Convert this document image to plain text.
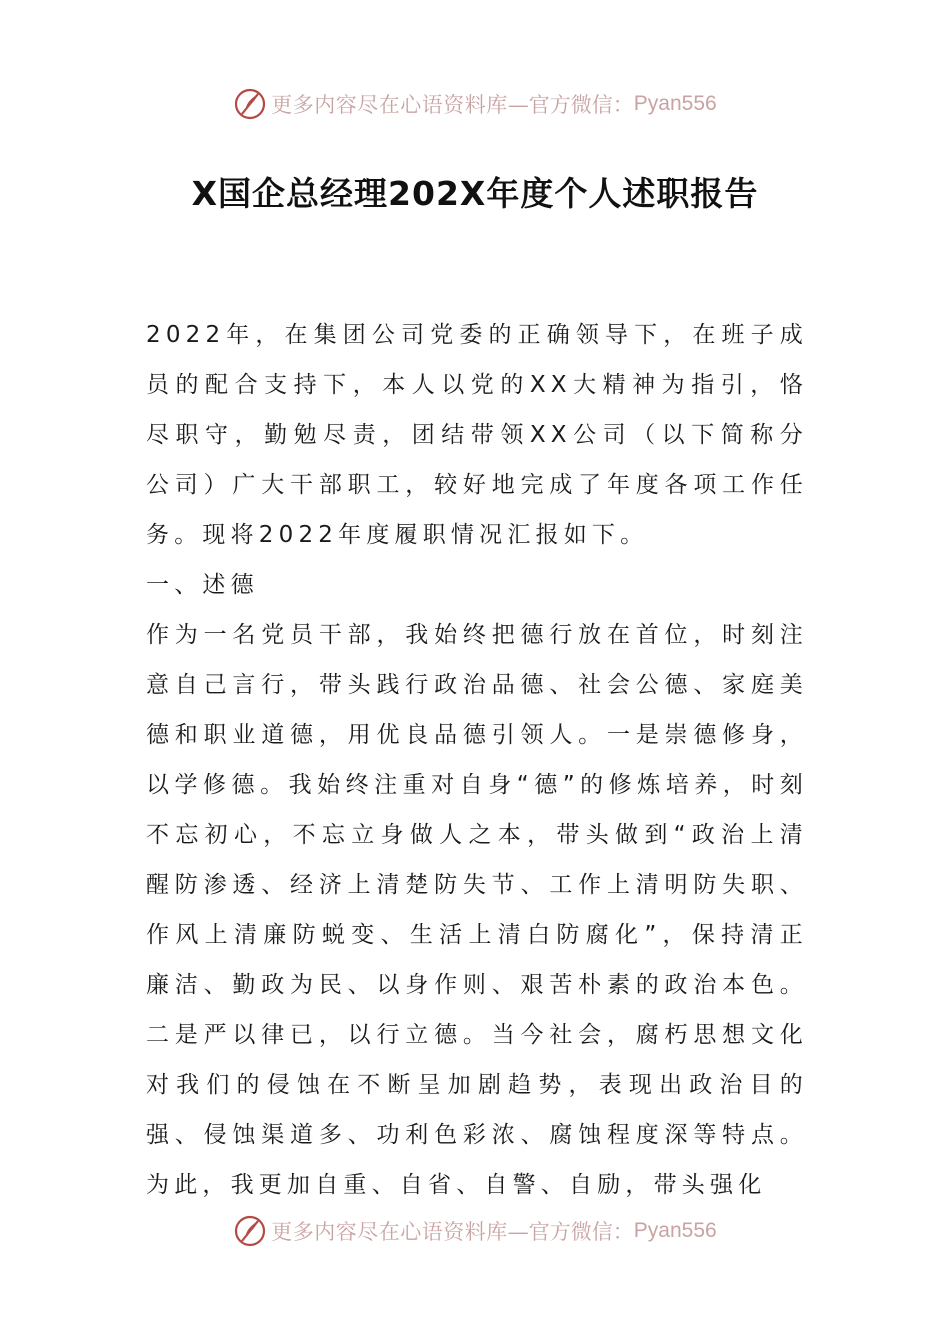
更多内容尽在心语资料库 —官方微信： Pyan556
X国企总经理202X年度个人述职报告

2022年，在集团公司党委的正确领导下，在班子成员的配合支持下，本人以党的XX大精神为指引，恪尽职守，勤勉尽责，团结带领XX公司（以下简称分公司）广大干部职工，较好地完成了年度各项工作任务。现将2022年度履职情况汇报如下。

一、述德

作为一名党员干部，我始终把德行放在首位，时刻注意自己言行，带头践行政治品德、社会公德、家庭美德和职业道德，用优良品德引领人。一是崇德修身，以学修德。我始终注重对自身“德”的修炼培养，时刻不忘初心，不忘立身做人之本，带头做到“政治上清醒防渗透、经济上清楚防失节、工作上清明防失职、作风上清廉防蜕变、生活上清白防腐化”，保持清正廉洁、勤政为民、以身作则、艰苦朴素的政治本色。二是严以律已，以行立德。当今社会，腐朽思想文化对我们的侵蚀在不断呈加剧趋势，表现出政治目的强、侵蚀渠道多、功利色彩浓、腐蚀程度深等特点。为此，我更加自重、自省、自警、自励，带头强化

更多内容尽在心语资料库 —官方微信： Pyan556
